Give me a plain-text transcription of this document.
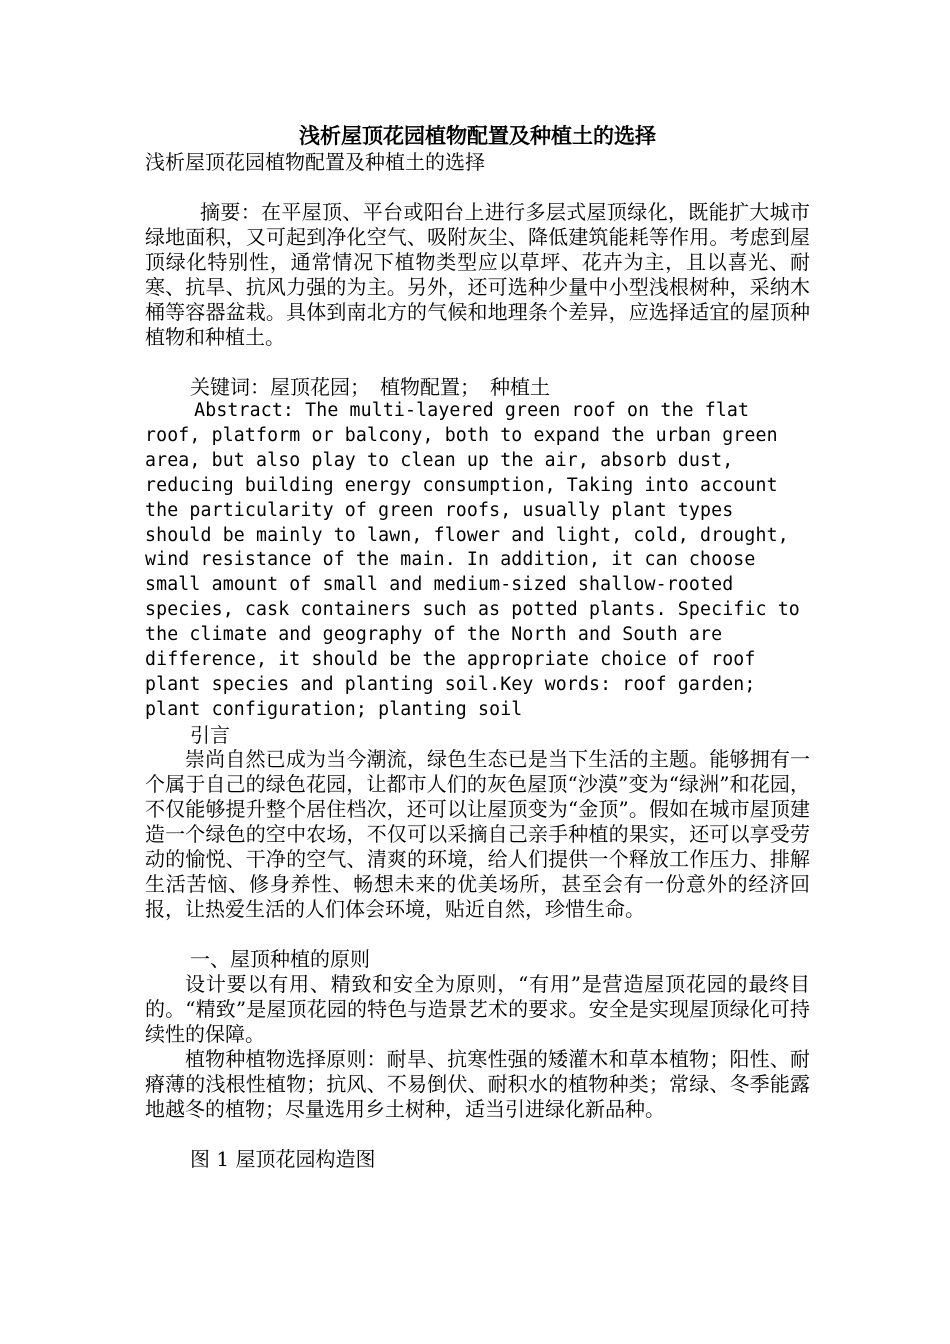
浅析屋顶花园植物配置及种植土的选择
浅析屋顶花园植物配置及种植土的选择
摘要：在平屋顶、平台或阳台上进行多层式屋顶绿化，既能扩大城市绿地面积，又可起到净化空气、吸附灰尘、降低建筑能耗等作用。考虑到屋顶绿化特别性，通常情况下植物类型应以草坪、花卉为主，且以喜光、耐寒、抗旱、抗风力强的为主。另外，还可选种少量中小型浅根树种，采纳木桶等容器盆栽。具体到南北方的气候和地理条个差异，应选择适宜的屋顶种植物和种植土。
关键词：屋顶花园；　植物配置；　种植土
Abstract: The multi-layered green roof on the flat roof, platform or balcony, both to expand the urban green area, but also play to clean up the air, absorb dust, reducing building energy consumption, Taking into account the particularity of green roofs, usually plant types should be mainly to lawn, flower and light, cold, drought, wind resistance of the main. In addition, it can choose small amount of small and medium-sized shallow-rooted species, cask containers such as potted plants. Specific to the climate and geography of the North and South are difference, it should be the appropriate choice of roof plant species and planting soil.Key words: roof garden; plant configuration; planting soil
引言
崇尚自然已成为当今潮流，绿色生态已是当下生活的主题。能够拥有一个属于自己的绿色花园，让都市人们的灰色屋顶“沙漠”变为“绿洲”和花园，不仅能够提升整个居住档次，还可以让屋顶变为“金顶”。假如在城市屋顶建造一个绿色的空中农场，不仅可以采摘自己亲手种植的果实，还可以享受劳动的愉悦、干净的空气、清爽的环境，给人们提供一个释放工作压力、排解生活苦恼、修身养性、畅想未来的优美场所，甚至会有一份意外的经济回报，让热爱生活的人们体会环境，贴近自然，珍惜生命。
一、屋顶种植的原则
设计要以有用、精致和安全为原则，“有用”是营造屋顶花园的最终目的。“精致”是屋顶花园的特色与造景艺术的要求。安全是实现屋顶绿化可持续性的保障。
植物种植物选择原则：耐旱、抗寒性强的矮灌木和草本植物；阳性、耐瘠薄的浅根性植物；抗风、不易倒伏、耐积水的植物种类；常绿、冬季能露地越冬的植物；尽量选用乡土树种，适当引进绿化新品种。
图 1 屋顶花园构造图
